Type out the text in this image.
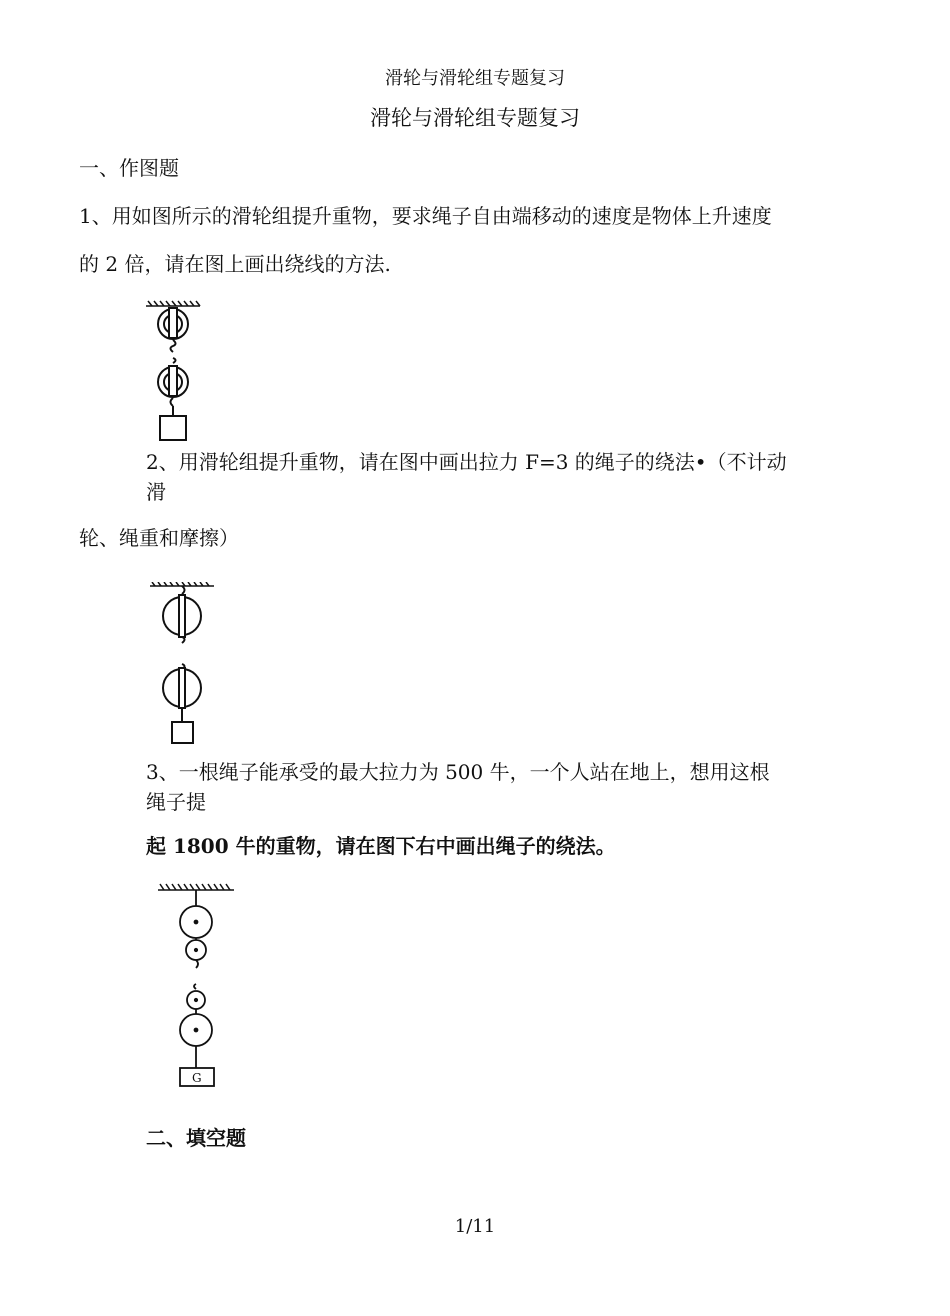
滑轮与滑轮组专题复习
滑轮与滑轮组专题复习
一、作图题
1、用如图所示的滑轮组提升重物，要求绳子自由端移动的速度是物体上升速度
的 2 倍，请在图上画出绕线的方法.
2、用滑轮组提升重物，请在图中画出拉力 F=3 的绳子的绕法•（不计动
滑
轮、绳重和摩擦）
3、一根绳子能承受的最大拉力为 500 牛，一个人站在地上，想用这根
绳子提
起 1800 牛的重物，请在图下右中画出绳子的绕法。
G
二、填空题
1/11
